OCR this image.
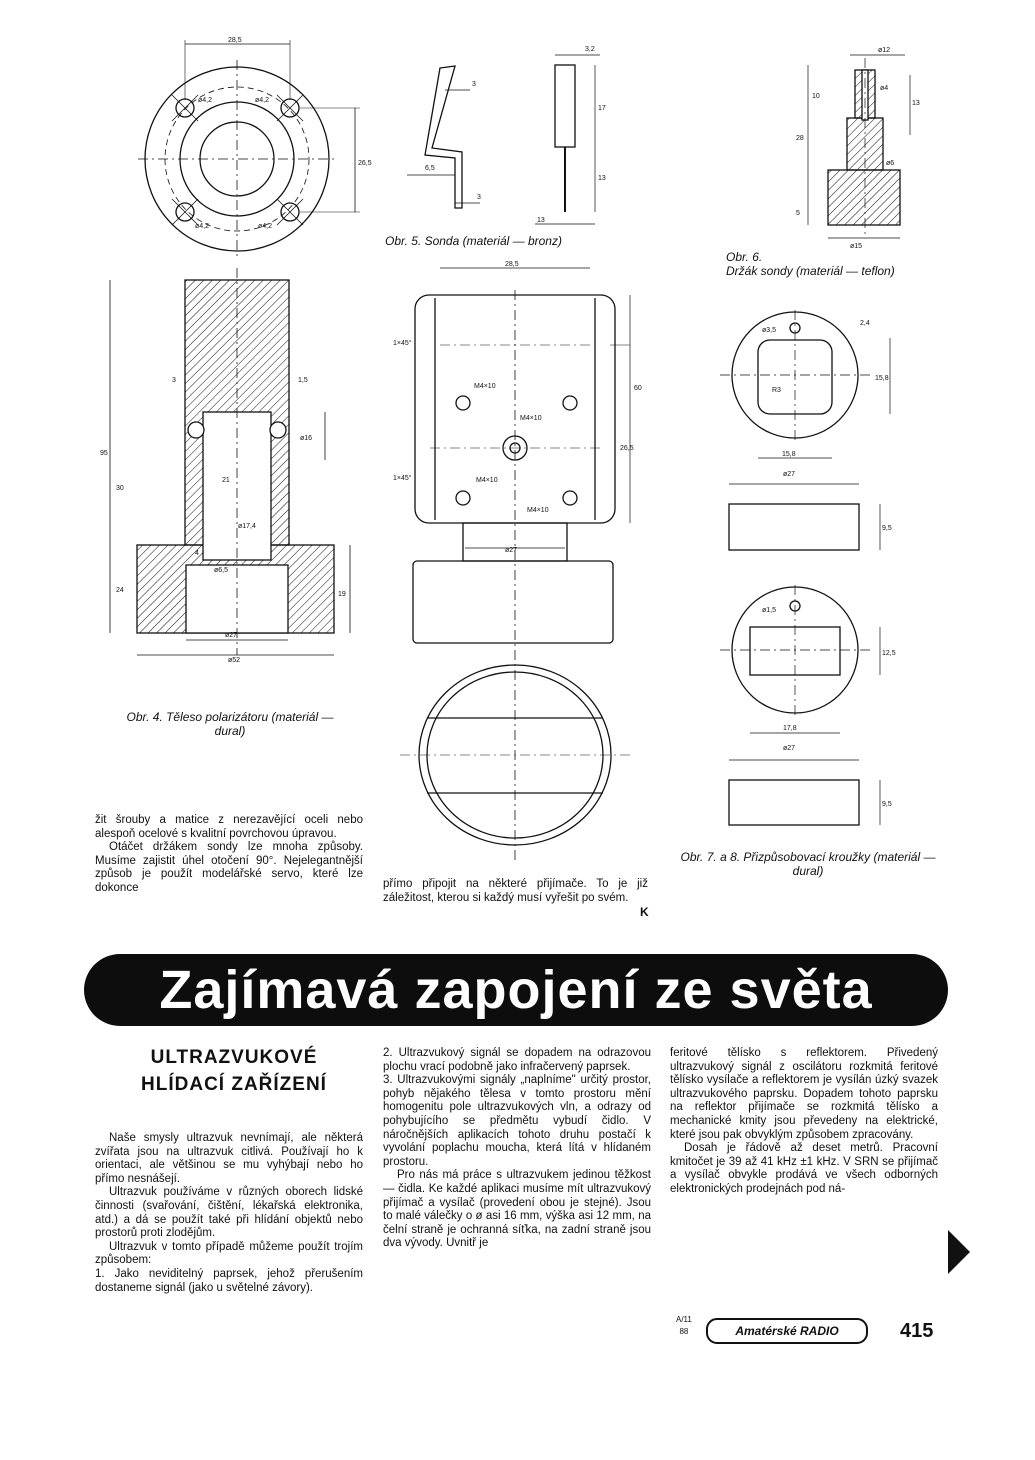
28,5
ø4,2	ø4,2
ø4,2	ø4,2
26,5
3
6,5
3
3,2
17
13
13
ø12
10
ø4
13
28
ø6
5
ø15
28,5
1×45°
1×45°
M4×10
M4×10
M4×10
M4×10
60
26,5
ø27
ø3,5
2,4
15,8
R3
15,8
ø27
9,5
ø1,5
12,5
17,8
ø27
9,5
95
30
24
19
ø27
ø52
ø17,4
21
ø6,5
4
ø16
1,5
3
Obr. 4. Těleso polarizátoru (materiál — dural)
Obr. 5. Sonda (materiál — bronz)
Obr. 6.
Držák sondy (materiál — teflon)
Obr. 7. a 8. Přizpůsobovací kroužky (materiál — dural)

žit šrouby a matice z nerezavějící oceli nebo alespoň ocelové s kvalitní povrchovou úpravou.

Otáčet držákem sondy lze mnoha způsoby. Musíme zajistit úhel otočení 90°. Nejelegantnější způsob je použít modelářské servo, které lze dokonce	přímo připojit na některé přijímače. To je již záležitost, kterou si každý musí vyřešit po svém.

K
Zajímavá zapojení ze světa
ULTRAZVUKOVÉ
HLÍDACÍ ZAŘÍZENÍ

Naše smysly ultrazvuk nevnímají, ale některá zvířata jsou na ultrazvuk citlivá. Používají ho k orientaci, ale většinou se mu vyhýbají nebo ho přímo nesnášejí.

Ultrazvuk používáme v různých oborech lidské činnosti (svařování, čištění, lékařská elektronika, atd.) a dá se použít také při hlídání objektů nebo prostorů proti zlodějům.

Ultrazvuk v tomto případě můžeme použít trojím způsobem:

1. Jako neviditelný paprsek, jehož přerušením dostaneme signál (jako u světelné závory).

2. Ultrazvukový signál se dopadem na odrazovou plochu vrací podobně jako infračervený paprsek.

3. Ultrazvukovými signály „naplníme" určitý prostor, pohyb nějakého tělesa v tomto prostoru mění homogenitu pole ultrazvukových vln, a odrazy od pohybujícího se předmětu vybudí čidlo. V náročnějších aplikacích tohoto druhu postačí k vyvolání poplachu moucha, která lítá v hlídaném prostoru.

Pro nás má práce s ultrazvukem jedinou těžkost — čidla. Ke každé aplikaci musíme mít ultrazvukový přijímač a vysílač (provedení obou je stejné). Jsou to malé válečky o ø asi 16 mm, výška asi 12 mm, na čelní straně je ochranná síťka, na zadní straně jsou dva vývody. Uvnitř je

feritové tělísko s reflektorem. Přivedený ultrazvukový signál z oscilátoru rozkmitá feritové tělísko vysílače a reflektorem je vysílán úzký svazek ultrazvukového paprsku. Dopadem tohoto paprsku na reflektor přijímače se rozkmitá tělísko a mechanické kmity jsou převedeny na elektrické, které jsou pak obvyklým způsobem zpracovány.

Dosah je řádově až deset metrů. Pracovní kmitočet je 39 až 41 kHz ±1 kHz. V SRN se přijímač a vysílač obvykle prodává ve všech odborných elektronických prodejnách pod ná-

A/11
88	Amatérské RADIO	415
